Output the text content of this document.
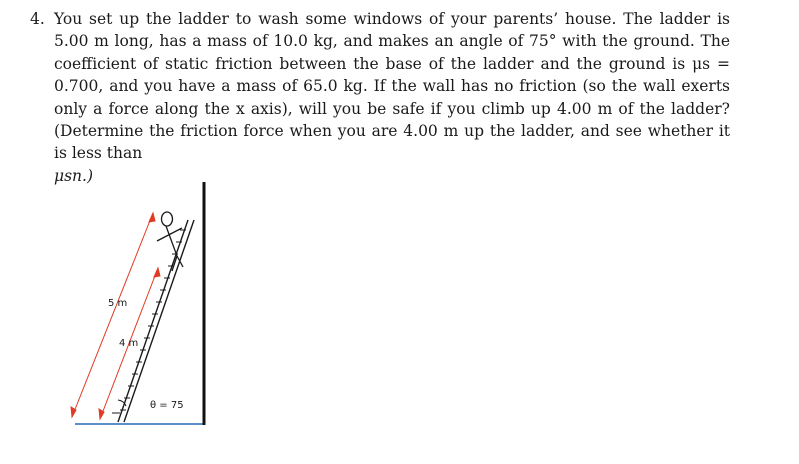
4. You set up the ladder to wash some windows of your parents’ house. The ladder is 5.00 m long, has a mass of 10.0 kg, and makes an angle of 75° with the ground. The coefficient of static friction between the base of the ladder and the ground is μs = 0.700, and you have a mass of 65.0 kg. If the wall has no friction (so the wall exerts only a force along the x axis), will you be safe if you climb up 4.00 m of the ladder? (Determine the friction force when you are 4.00 m up the ladder, and see whether it is less than
μsn.)
5 m
4 m
θ = 75
